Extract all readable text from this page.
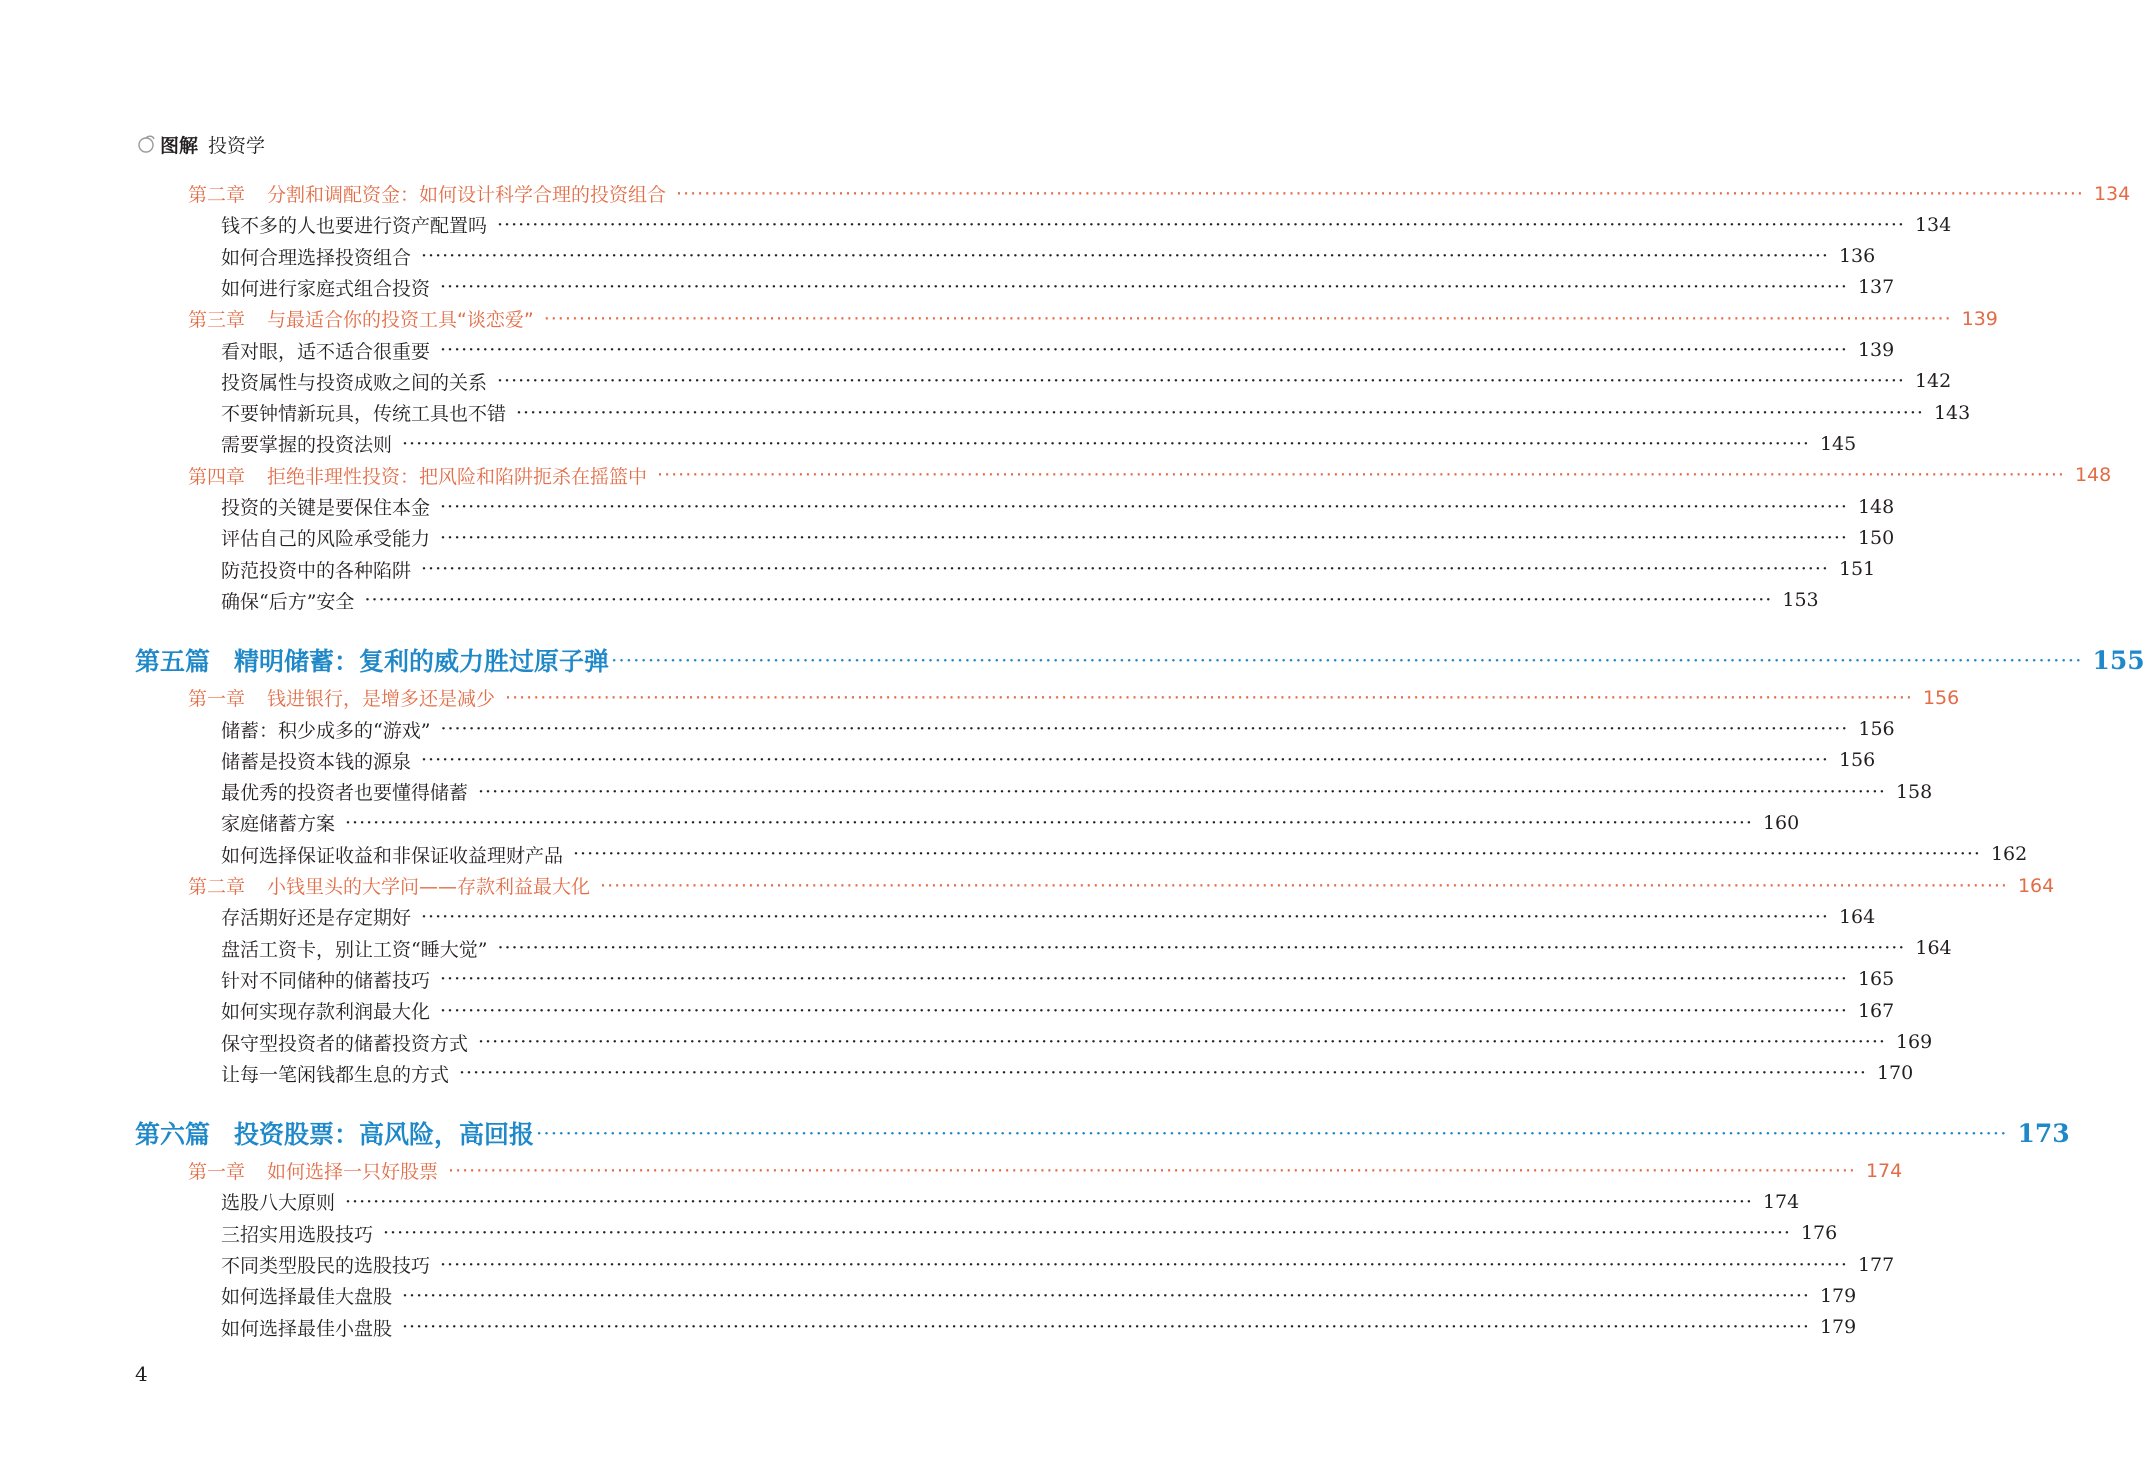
图解 投资学
第二章 分割和调配资金：如何设计科学合理的投资组合 ········································································································································································································ 134
钱不多的人也要进行资产配置吗 ········································································································································································································ 134
如何合理选择投资组合 ········································································································································································································ 136
如何进行家庭式组合投资 ········································································································································································································ 137
第三章 与最适合你的投资工具“谈恋爱” ········································································································································································································ 139
看对眼，适不适合很重要 ········································································································································································································ 139
投资属性与投资成败之间的关系 ········································································································································································································ 142
不要钟情新玩具，传统工具也不错 ········································································································································································································ 143
需要掌握的投资法则 ········································································································································································································ 145
第四章 拒绝非理性投资：把风险和陷阱扼杀在摇篮中 ········································································································································································································ 148
投资的关键是要保住本金 ········································································································································································································ 148
评估自己的风险承受能力 ········································································································································································································ 150
防范投资中的各种陷阱 ········································································································································································································ 151
确保“后方”安全 ········································································································································································································ 153
第五篇 精明储蓄：复利的威力胜过原子弹 ········································································································································································································ 155
第一章 钱进银行，是增多还是减少 ········································································································································································································ 156
储蓄：积少成多的“游戏” ········································································································································································································ 156
储蓄是投资本钱的源泉 ········································································································································································································ 156
最优秀的投资者也要懂得储蓄 ········································································································································································································ 158
家庭储蓄方案 ········································································································································································································ 160
如何选择保证收益和非保证收益理财产品 ········································································································································································································ 162
第二章 小钱里头的大学问——存款利益最大化 ········································································································································································································ 164
存活期好还是存定期好 ········································································································································································································ 164
盘活工资卡，别让工资“睡大觉” ········································································································································································································ 164
针对不同储种的储蓄技巧 ········································································································································································································ 165
如何实现存款利润最大化 ········································································································································································································ 167
保守型投资者的储蓄投资方式 ········································································································································································································ 169
让每一笔闲钱都生息的方式 ········································································································································································································ 170
第六篇 投资股票：高风险，高回报 ········································································································································································································ 173
第一章 如何选择一只好股票 ········································································································································································································ 174
选股八大原则 ········································································································································································································ 174
三招实用选股技巧 ········································································································································································································ 176
不同类型股民的选股技巧 ········································································································································································································ 177
如何选择最佳大盘股 ········································································································································································································ 179
如何选择最佳小盘股 ········································································································································································································ 179
4
